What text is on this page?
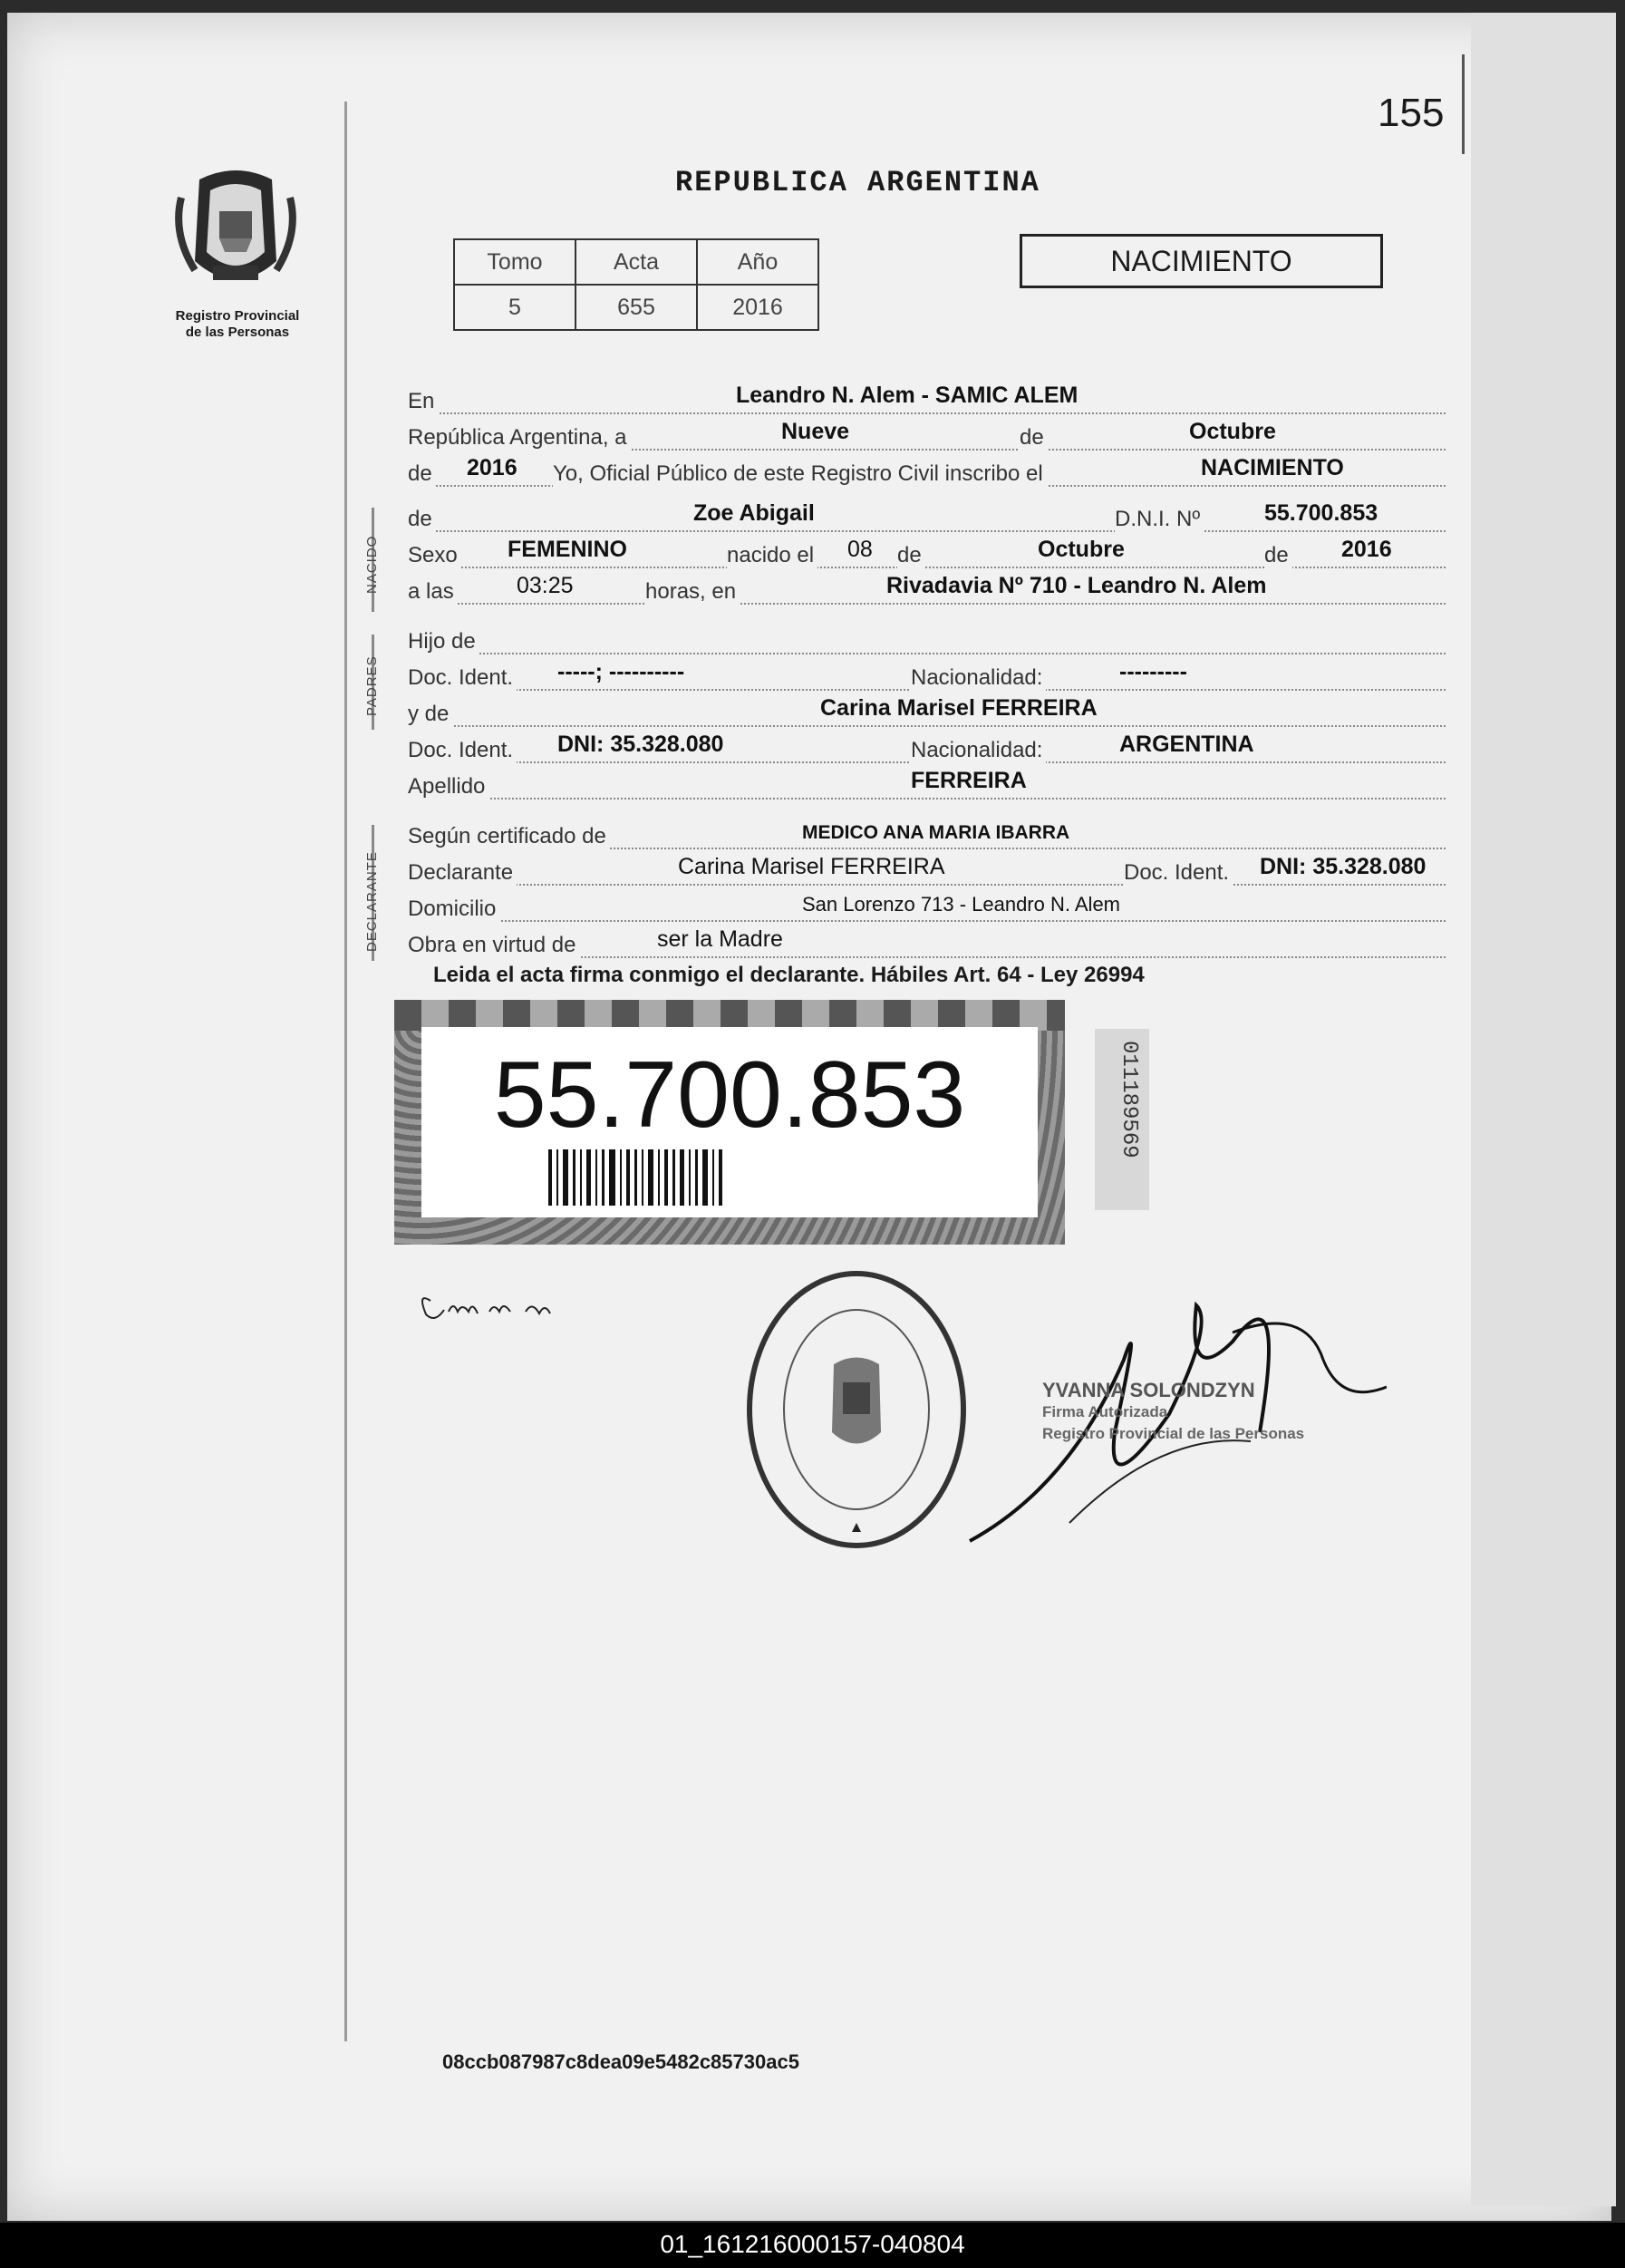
155
Registro Provincial
de las Personas
REPUBLICA ARGENTINA
Tomo	Acta	Año
5	655	2016
NACIMIENTO
En	Leandro N. Alem - SAMIC ALEM
República Argentina, a	Nueve	de	Octubre
de 2016 Yo, Oficial Público de este Registro Civil inscribo el	NACIMIENTO
NACIDO
de	Zoe Abigail	D.N.I. Nº	55.700.853
Sexo FEMENINO	nacido el 08 de	Octubre	de 2016
a las	03:25	horas, en	Rivadavia Nº 710 - Leandro N. Alem
PADRES
Hijo de
Doc. Ident. -----; ----------	Nacionalidad:	---------
y de	Carina Marisel FERREIRA
Doc. Ident. DNI: 35.328.080	Nacionalidad:	ARGENTINA
Apellido	FERREIRA
DECLARANTE
Según certificado de	MEDICO ANA MARIA IBARRA
Declarante	Carina Marisel FERREIRA	Doc. Ident. DNI: 35.328.080
Domicilio	San Lorenzo 713 - Leandro N. Alem
Obra en virtud de	ser la Madre
Leida el acta firma conmigo el declarante. Hábiles Art. 64 - Ley 26994
55.700.853	011189569
YVANNA SOLONDZYN
Firma Autorizada
Registro Provincial de las Personas
08ccb087987c8dea09e5482c85730ac5
01_161216000157-040804
